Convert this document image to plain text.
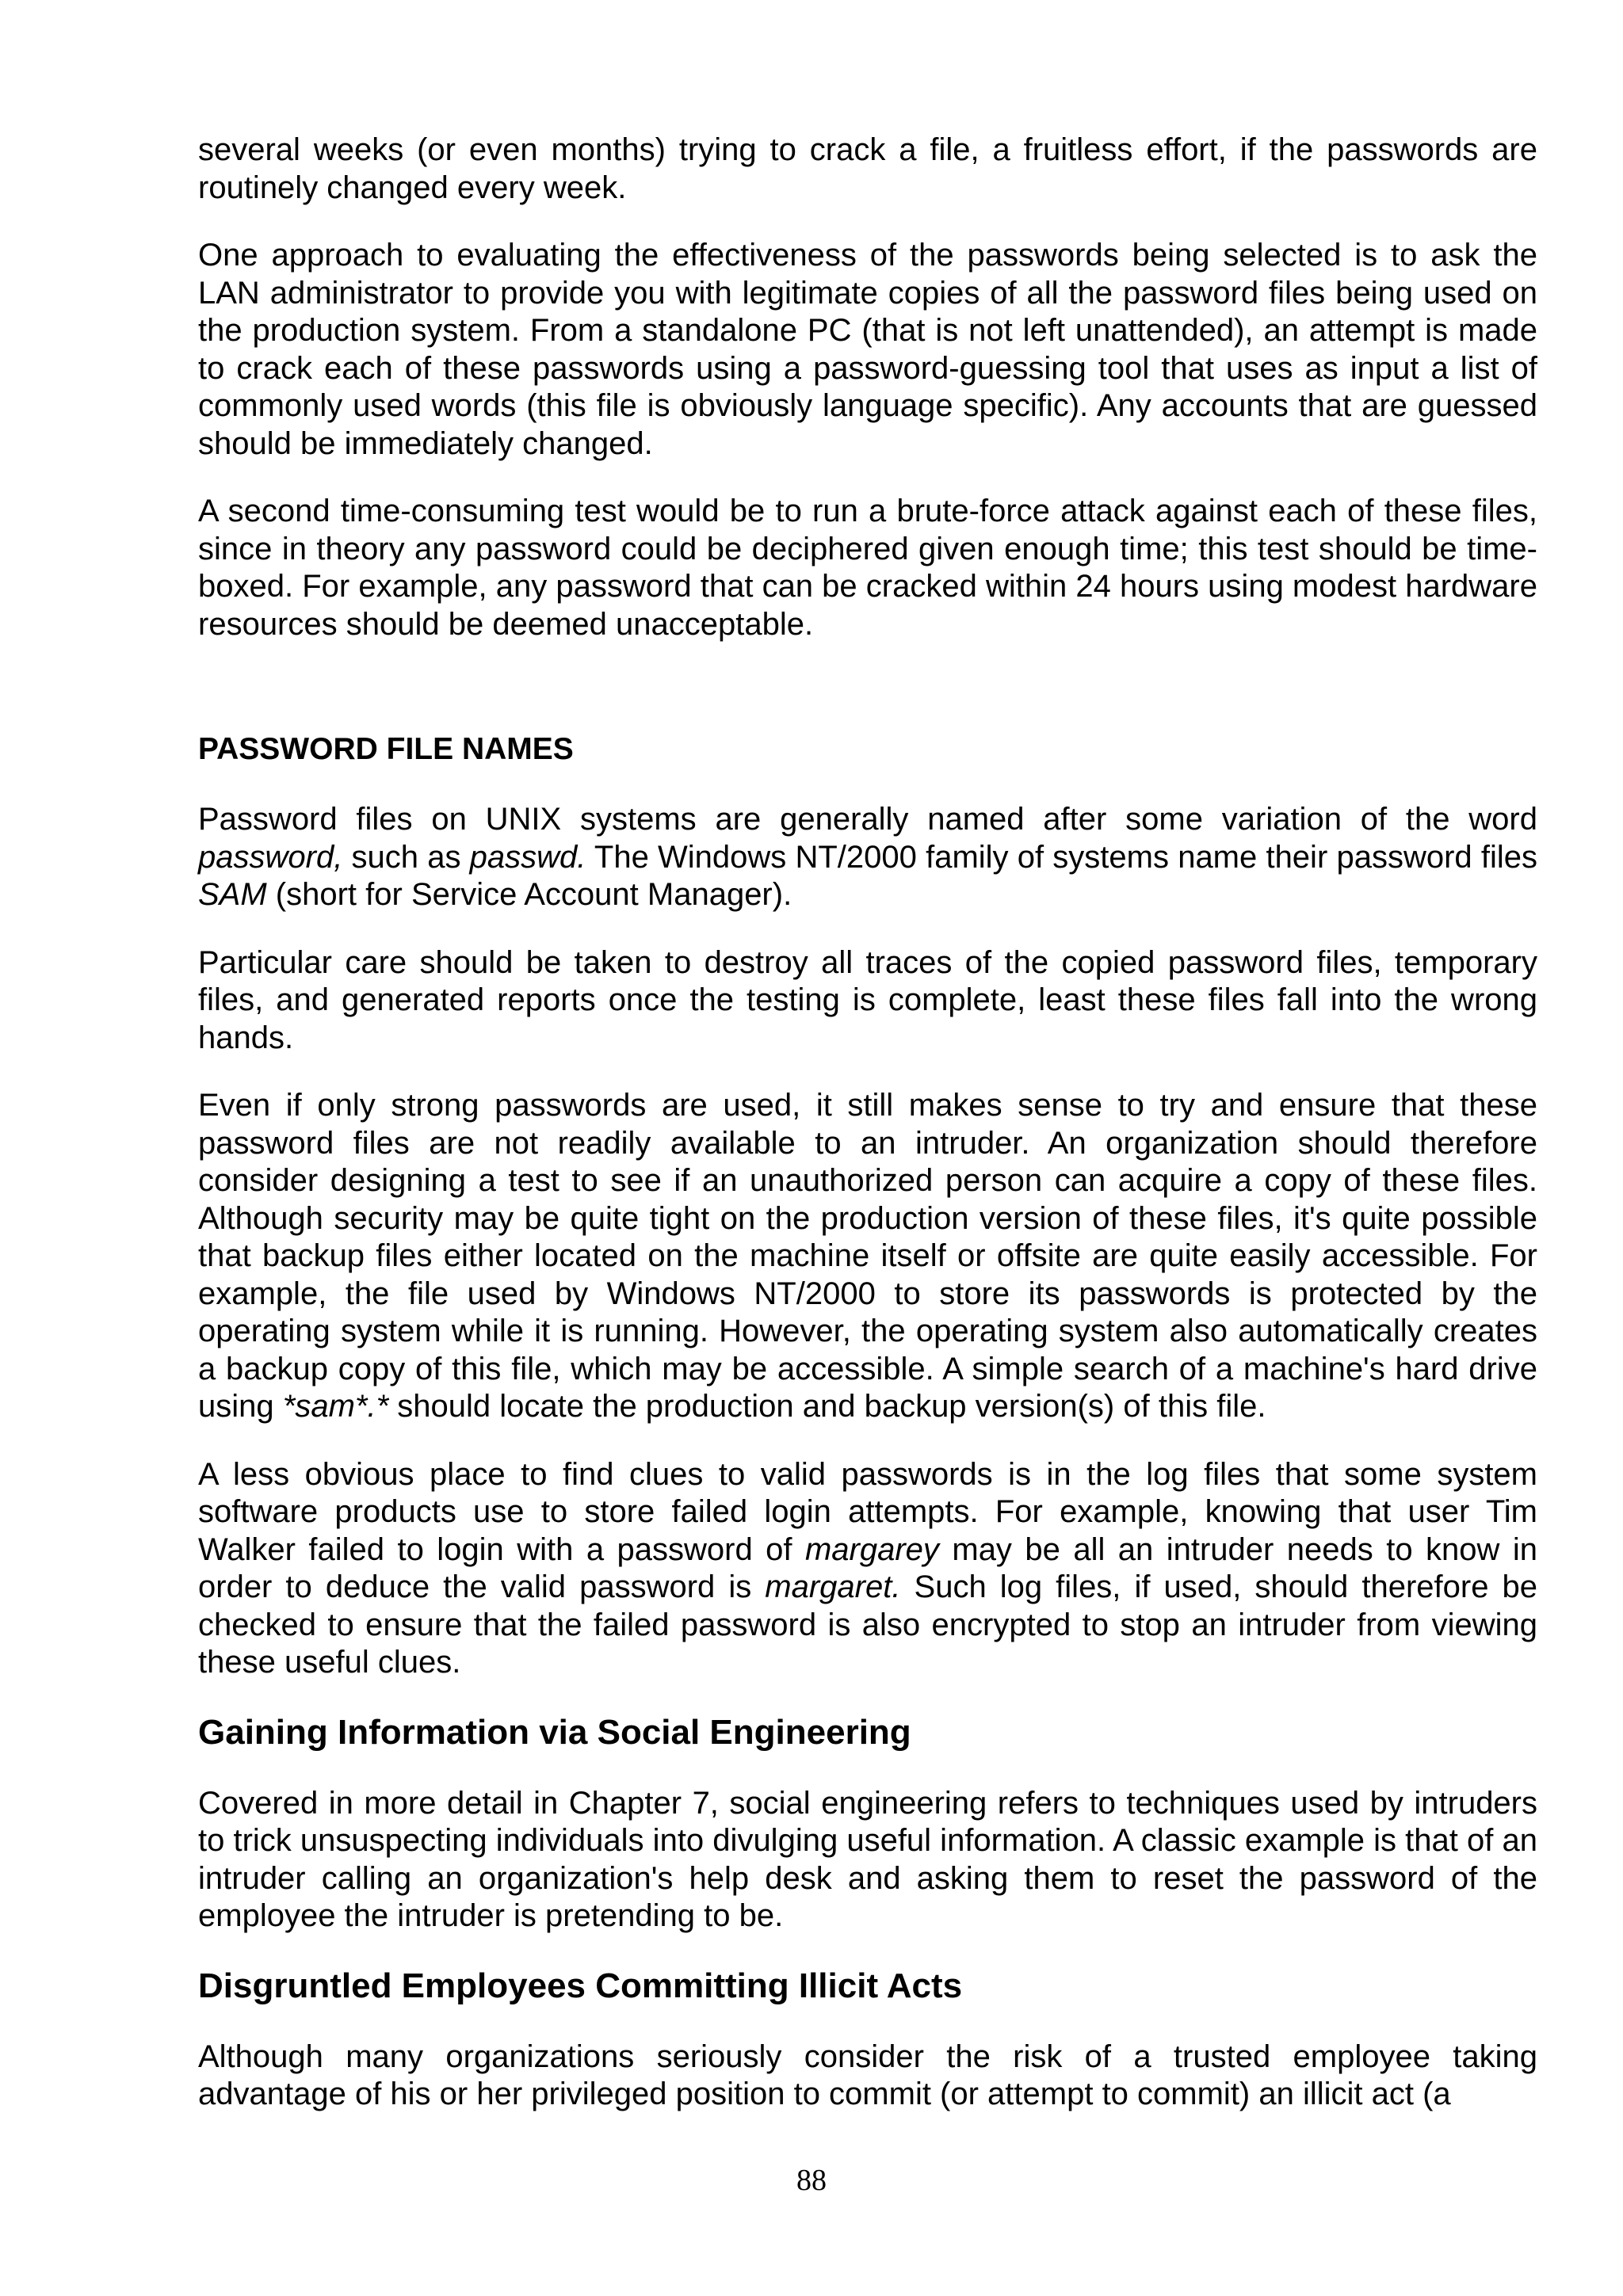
several weeks (or even months) trying to crack a file, a fruitless effort, if the passwords are routinely changed every week.

One approach to evaluating the effectiveness of the passwords being selected is to ask the LAN administrator to provide you with legitimate copies of all the password files being used on the production system. From a standalone PC (that is not left unattended), an attempt is made to crack each of these passwords using a password-guessing tool that uses as input a list of commonly used words (this file is obviously language specific). Any accounts that are guessed should be immediately changed.

A second time-consuming test would be to run a brute-force attack against each of these files, since in theory any password could be deciphered given enough time; this test should be time-boxed. For example, any password that can be cracked within 24 hours using modest hardware resources should be deemed unacceptable.

PASSWORD FILE NAMES

Password files on UNIX systems are generally named after some variation of the word password, such as passwd. The Windows NT/2000 family of systems name their password files SAM (short for Service Account Manager).

Particular care should be taken to destroy all traces of the copied password files, temporary files, and generated reports once the testing is complete, least these files fall into the wrong hands.

Even if only strong passwords are used, it still makes sense to try and ensure that these password files are not readily available to an intruder. An organization should therefore consider designing a test to see if an unauthorized person can acquire a copy of these files. Although security may be quite tight on the production version of these files, it's quite possible that backup files either located on the machine itself or offsite are quite easily accessible. For example, the file used by Windows NT/2000 to store its passwords is protected by the operating system while it is running. However, the operating system also automatically creates a backup copy of this file, which may be accessible. A simple search of a machine's hard drive using *sam*.* should locate the production and backup version(s) of this file.

A less obvious place to find clues to valid passwords is in the log files that some system software products use to store failed login attempts. For example, knowing that user Tim Walker failed to login with a password of margarey may be all an intruder needs to know in order to deduce the valid password is margaret. Such log files, if used, should therefore be checked to ensure that the failed password is also encrypted to stop an intruder from viewing these useful clues.

Gaining Information via Social Engineering

Covered in more detail in Chapter 7, social engineering refers to techniques used by intruders to trick unsuspecting individuals into divulging useful information. A classic example is that of an intruder calling an organization's help desk and asking them to reset the password of the employee the intruder is pretending to be.

Disgruntled Employees Committing Illicit Acts

Although many organizations seriously consider the risk of a trusted employee taking advantage of his or her privileged position to commit (or attempt to commit) an illicit act (a

88
